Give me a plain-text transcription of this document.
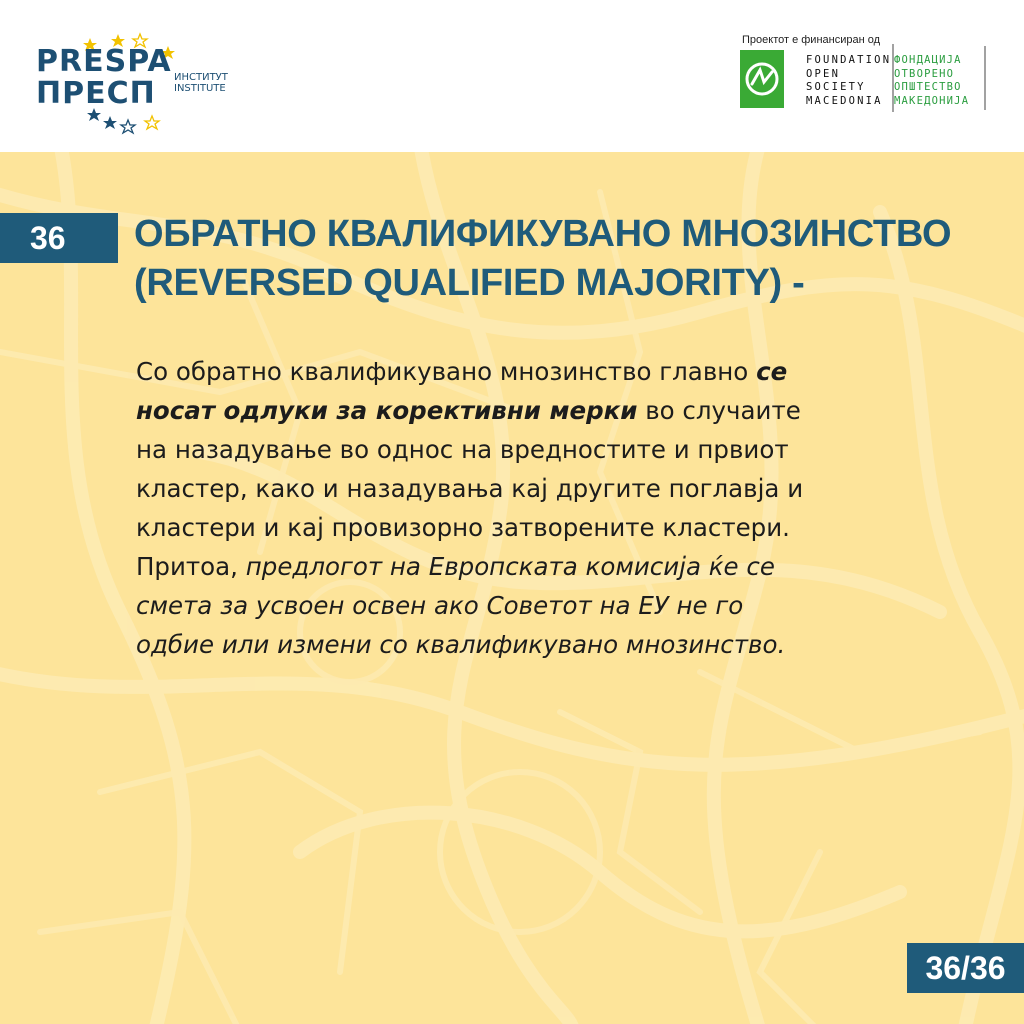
PRESPA
ПРЕСП ИНСТИТУТ
INSTITUTE
Проектот е финансиран од
FOUNDATION
OPEN
SOCIETY
MACEDONIA
ФОНДАЦИЈА
ОТВОРЕНО
ОПШТЕСТВО
МАКЕДОНИЈА
36 ОБРАТНО КВАЛИФИКУВАНО МНОЗИНСТВО
(REVERSED QUALIFIED MAJORITY) -
Со обратно квалификувано мнозинство главно се
носат одлуки за корективни мерки во случаите
на назадување во однос на вредностите и првиот
кластер, како и назадувања кај другите поглавја и
кластери и кај провизорно затворените кластери.
Притоа, предлогот на Европската комисија ќе се
смета за усвоен освен ако Советот на ЕУ не го
одбие или измени со квалификувано мнозинство.
36/36
